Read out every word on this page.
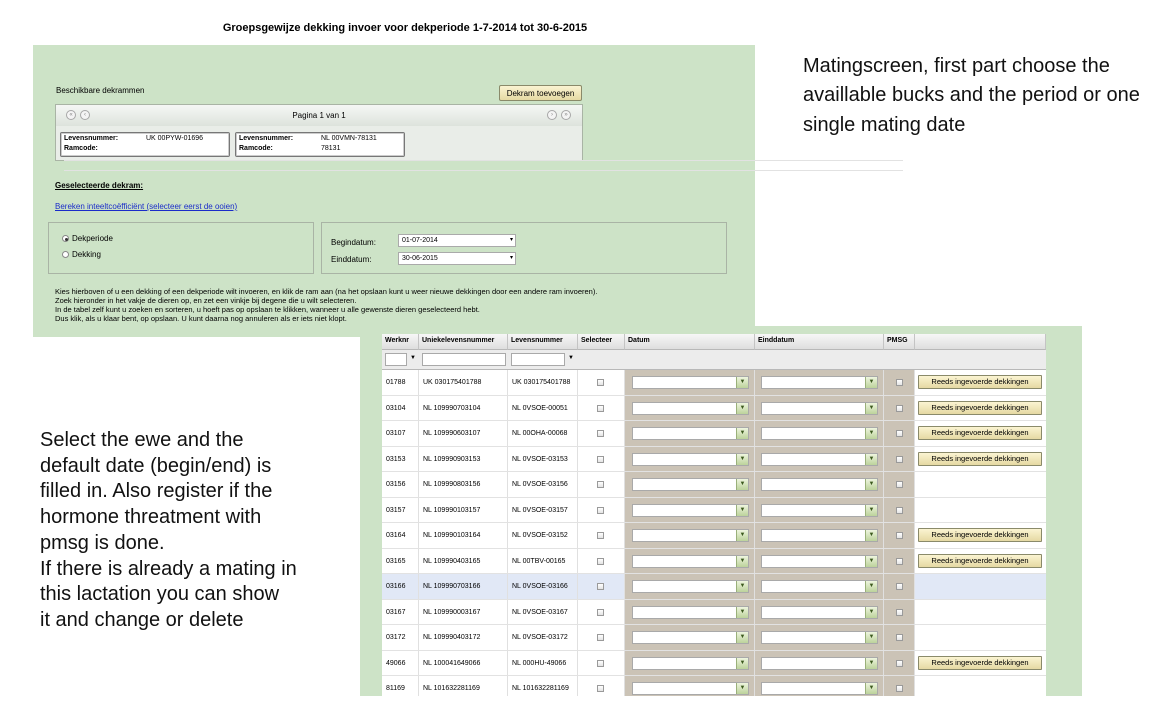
Groepsgewijze dekking invoer voor dekperiode 1-7-2014 tot 30-6-2015
Beschikbare dekrammen	Dekram toevoegen
«	‹	Pagina 1 van 1	›	»
Levensnummer:	UK 00PYW-01696
Ramcode:
Levensnummer:	NL 00VMN-78131
Ramcode:	78131
Geselecteerde dekram:
Bereken inteeltcoëfficiënt (selecteer eerst de ooien)
Dekperiode
Dekking
Begindatum:	01-07-2014	▾
Einddatum:	30-06-2015	▾
Kies hierboven of u een dekking of een dekperiode wilt invoeren, en klik de ram aan (na het opslaan kunt u weer nieuwe dekkingen door een andere ram invoeren).
Zoek hieronder in het vakje de dieren op, en zet een vinkje bij degene die u wilt selecteren.
In de tabel zelf kunt u zoeken en sorteren, u hoeft pas op opslaan te klikken, wanneer u alle gewenste dieren geselecteerd hebt.
Dus klik, als u klaar bent, op opslaan. U kunt daarna nog annuleren als er iets niet klopt.
Matingscreen, first part choose the availlable bucks and the period or one single mating date
Select the ewe and the
default date (begin/end) is
filled in. Also register if the
hormone threatment with
pmsg is done.
If there is already a mating in
this lactation you can show
it and change or delete
Werknr	Uniekelevensnummer	Levensnummer	Selecteer	Datum	Einddatum	PMSG
▼	▼
01788	UK 030175401788	UK 030175401788	▼	▼	Reeds ingevoerde dekkingen
03104	NL 109990703104	NL 0VSOE-00051	▼	▼	Reeds ingevoerde dekkingen
03107	NL 109990603107	NL 00OHA-00068	▼	▼	Reeds ingevoerde dekkingen
03153	NL 109990903153	NL 0VSOE-03153	▼	▼	Reeds ingevoerde dekkingen
03156	NL 109990803156	NL 0VSOE-03156	▼	▼
03157	NL 109990103157	NL 0VSOE-03157	▼	▼
03164	NL 109990103164	NL 0VSOE-03152	▼	▼	Reeds ingevoerde dekkingen
03165	NL 109990403165	NL 00TBV-00165	▼	▼	Reeds ingevoerde dekkingen
03166	NL 109990703166	NL 0VSOE-03166	▼	▼
03167	NL 109990003167	NL 0VSOE-03167	▼	▼
03172	NL 109990403172	NL 0VSOE-03172	▼	▼
49066	NL 100041649066	NL 000HU-49066	▼	▼	Reeds ingevoerde dekkingen
81169	NL 101632281169	NL 101632281169	▼	▼
